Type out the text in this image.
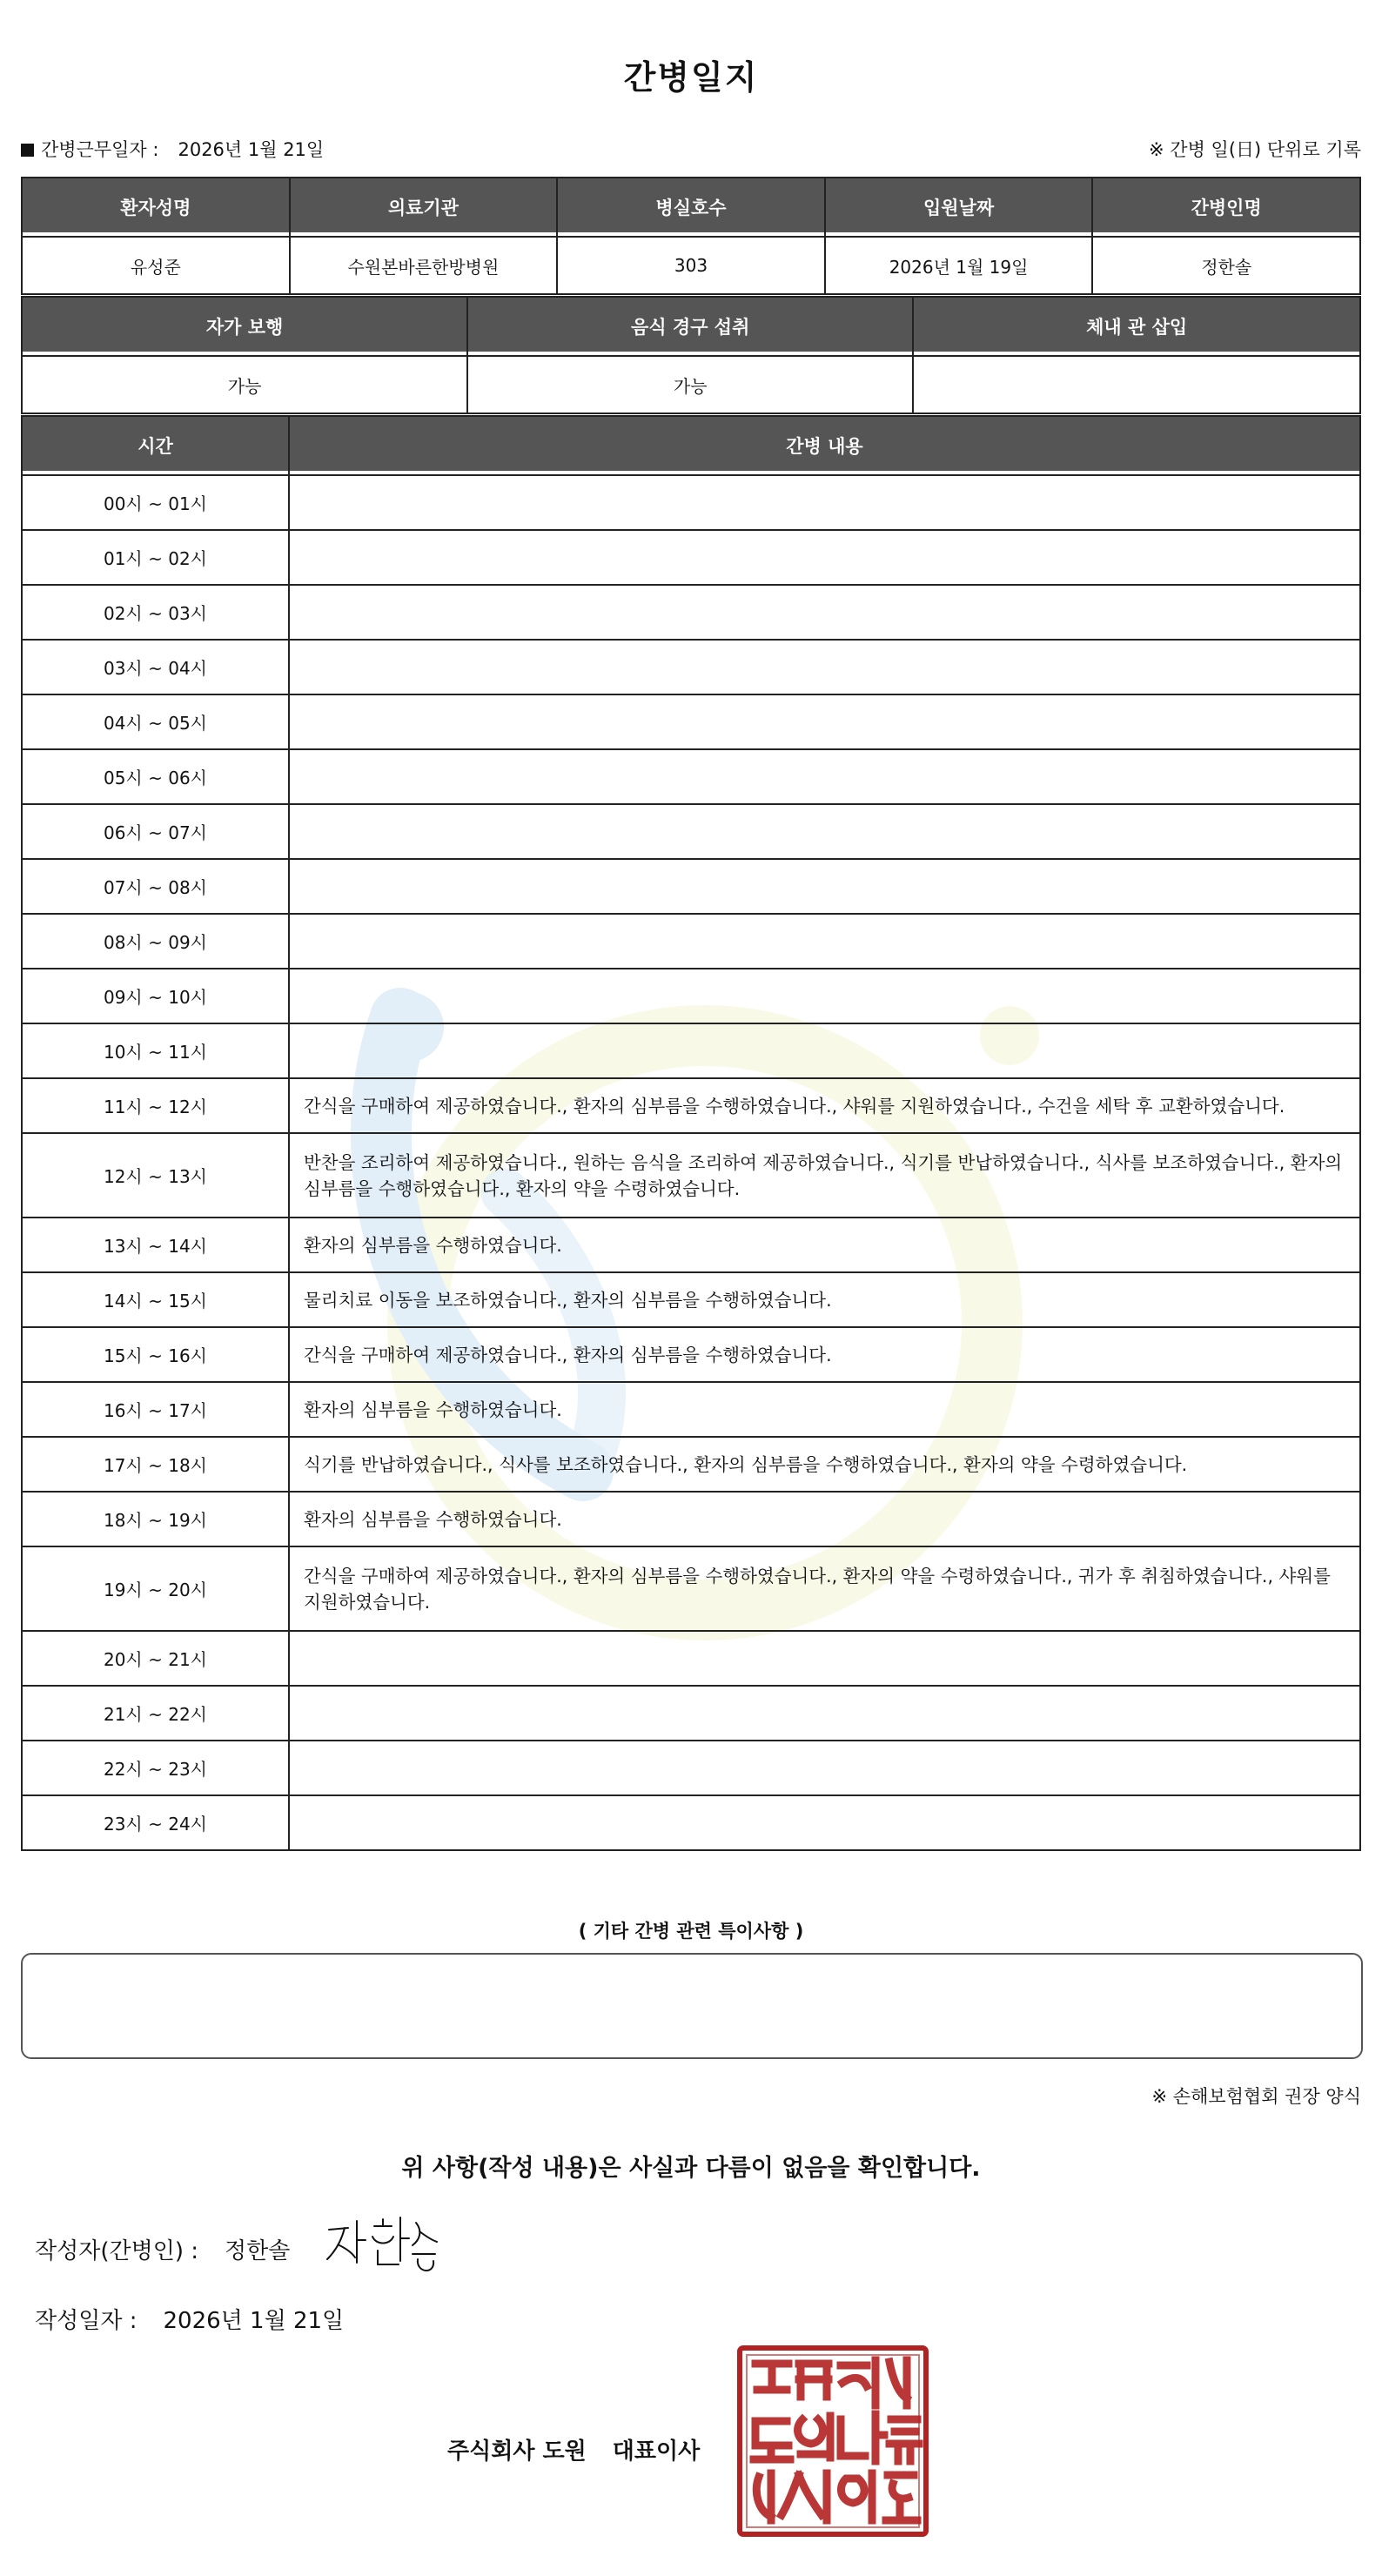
간병일지
간병근무일자 : 2026년 1월 21일	※ 간병 일(日) 단위로 기록
환자성명	의료기관	병실호수	입원날짜	간병인명
유성준	수원본바른한방병원	303	2026년 1월 19일	정한솔
자가 보행	음식 경구 섭취	체내 관 삽입
가능	가능	
시간	간병 내용
00시 ~ 01시	
01시 ~ 02시	
02시 ~ 03시	
03시 ~ 04시	
04시 ~ 05시	
05시 ~ 06시	
06시 ~ 07시	
07시 ~ 08시	
08시 ~ 09시	
09시 ~ 10시	
10시 ~ 11시	
11시 ~ 12시	간식을 구매하여 제공하였습니다., 환자의 심부름을 수행하였습니다., 샤워를 지원하였습니다., 수건을 세탁 후 교환하였습니다.
12시 ~ 13시	반찬을 조리하여 제공하였습니다., 원하는 음식을 조리하여 제공하였습니다., 식기를 반납하였습니다., 식사를 보조하였습니다., 환자의 심부름을 수행하였습니다., 환자의 약을 수령하였습니다.
13시 ~ 14시	환자의 심부름을 수행하였습니다.
14시 ~ 15시	물리치료 이동을 보조하였습니다., 환자의 심부름을 수행하였습니다.
15시 ~ 16시	간식을 구매하여 제공하였습니다., 환자의 심부름을 수행하였습니다.
16시 ~ 17시	환자의 심부름을 수행하였습니다.
17시 ~ 18시	식기를 반납하였습니다., 식사를 보조하였습니다., 환자의 심부름을 수행하였습니다., 환자의 약을 수령하였습니다.
18시 ~ 19시	환자의 심부름을 수행하였습니다.
19시 ~ 20시	간식을 구매하여 제공하였습니다., 환자의 심부름을 수행하였습니다., 환자의 약을 수령하였습니다., 귀가 후 취침하였습니다., 샤워를 지원하였습니다.
20시 ~ 21시	
21시 ~ 22시	
22시 ~ 23시	
23시 ~ 24시	
( 기타 간병 관련 특이사항 )
※ 손해보험협회 권장 양식
위 사항(작성 내용)은 사실과 다름이 없음을 확인합니다.
작성자(간병인) : 정한솔
작성일자 : 2026년 1월 21일
주식회사 도원 대표이사
